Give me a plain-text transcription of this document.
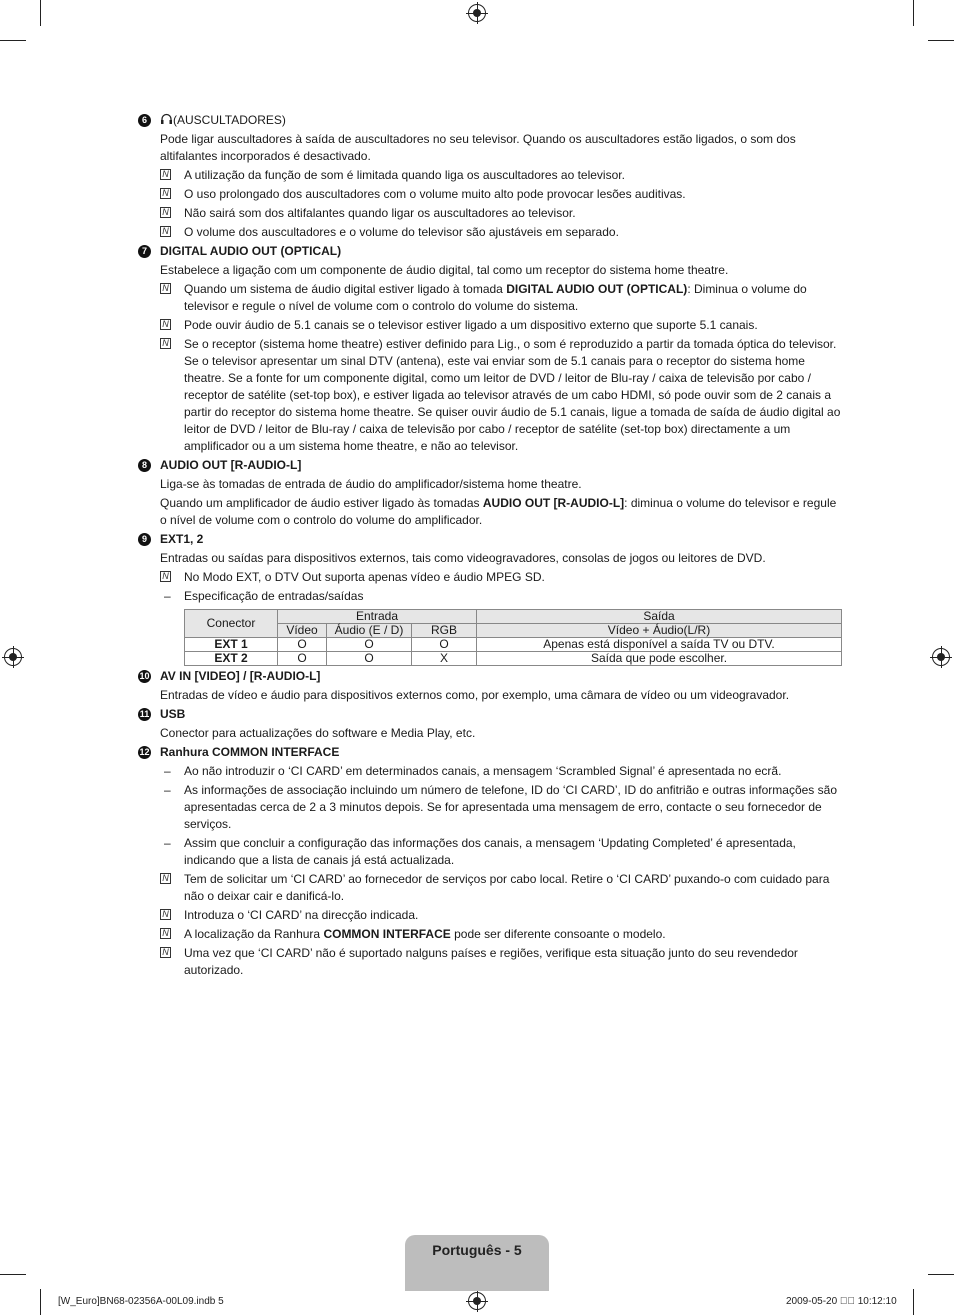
6	(AUSCULTADORES)

Pode ligar auscultadores à saída de auscultadores no seu televisor. Quando os auscultadores estão ligados, o som dos altifalantes incorporados é desactivado.

N A utilização da função de som é limitada quando liga os auscultadores ao televisor.
N O uso prolongado dos auscultadores com o volume muito alto pode provocar lesões auditivas.
N Não sairá som dos altifalantes quando ligar os auscultadores ao televisor.
N O volume dos auscultadores e o volume do televisor são ajustáveis em separado.
7	DIGITAL AUDIO OUT (OPTICAL)

Estabelece a ligação com um componente de áudio digital, tal como um receptor do sistema home theatre.

N Quando um sistema de áudio digital estiver ligado à tomada DIGITAL AUDIO OUT (OPTICAL): Diminua o volume do televisor e regule o nível de volume com o controlo do volume do sistema.
N Pode ouvir áudio de 5.1 canais se o televisor estiver ligado a um dispositivo externo que suporte 5.1 canais.
N Se o receptor (sistema home theatre) estiver definido para Lig., o som é reproduzido a partir da tomada óptica do televisor. Se o televisor apresentar um sinal DTV (antena), este vai enviar som de 5.1 canais para o receptor do sistema home theatre. Se a fonte for um componente digital, como um leitor de DVD / leitor de Blu-ray / caixa de televisão por cabo / receptor de satélite (set-top box), e estiver ligada ao televisor através de um cabo HDMI, só pode ouvir som de 2 canais a partir do receptor do sistema home theatre. Se quiser ouvir áudio de 5.1 canais, ligue a tomada de saída de áudio digital ao leitor de DVD / leitor de Blu-ray / caixa de televisão por cabo / receptor de satélite (set-top box) directamente a um amplificador ou a um sistema home theatre, e não ao televisor.
8	AUDIO OUT [R-AUDIO-L]

Liga-se às tomadas de entrada de áudio do amplificador/sistema home theatre.

Quando um amplificador de áudio estiver ligado às tomadas AUDIO OUT [R-AUDIO-L]: diminua o volume do televisor e regule o nível de volume com o controlo do volume do amplificador.

9	EXT1, 2

Entradas ou saídas para dispositivos externos, tais como videogravadores, consolas de jogos ou leitores de DVD.

N No Modo EXT, o DTV Out suporta apenas vídeo e áudio MPEG SD.
– Especificação de entradas/saídas
Conector	Entrada			Saída
	Vídeo	Áudio (E / D)	RGB	Vídeo + Áudio(L/R)
EXT 1	O	O	O	Apenas está disponível a saída TV ou DTV.
EXT 2	O	O	X	Saída que pode escolher.
10 AV IN [VIDEO] / [R-AUDIO-L]

Entradas de vídeo e áudio para dispositivos externos como, por exemplo, uma câmara de vídeo ou um videogravador.

11 USB

Conector para actualizações do software e Media Play, etc.

12 Ranhura COMMON INTERFACE
– Ao não introduzir o ‘CI CARD’ em determinados canais, a mensagem ‘Scrambled Signal’ é apresentada no ecrã.
– As informações de associação incluindo um número de telefone, ID do ‘CI CARD’, ID do anfitrião e outras informações são apresentadas cerca de 2 a 3 minutos depois. Se for apresentada uma mensagem de erro, contacte o seu fornecedor de serviços.
– Assim que concluir a configuração das informações dos canais, a mensagem ‘Updating Completed’ é apresentada, indicando que a lista de canais já está actualizada.
N Tem de solicitar um ‘CI CARD’ ao fornecedor de serviços por cabo local. Retire o ‘CI CARD’ puxando-o com cuidado para não o deixar cair e danificá-lo.
N Introduza o ‘CI CARD’ na direcção indicada.
N A localização da Ranhura COMMON INTERFACE pode ser diferente consoante o modelo.
N Uma vez que ‘CI CARD’ não é suportado nalguns países e regiões, verifique esta situação junto do seu revendedor autorizado.
Português - 5
[W_Euro]BN68-02356A-00L09.indb 5	2009-05-20 ￿￿ 10:12:10
